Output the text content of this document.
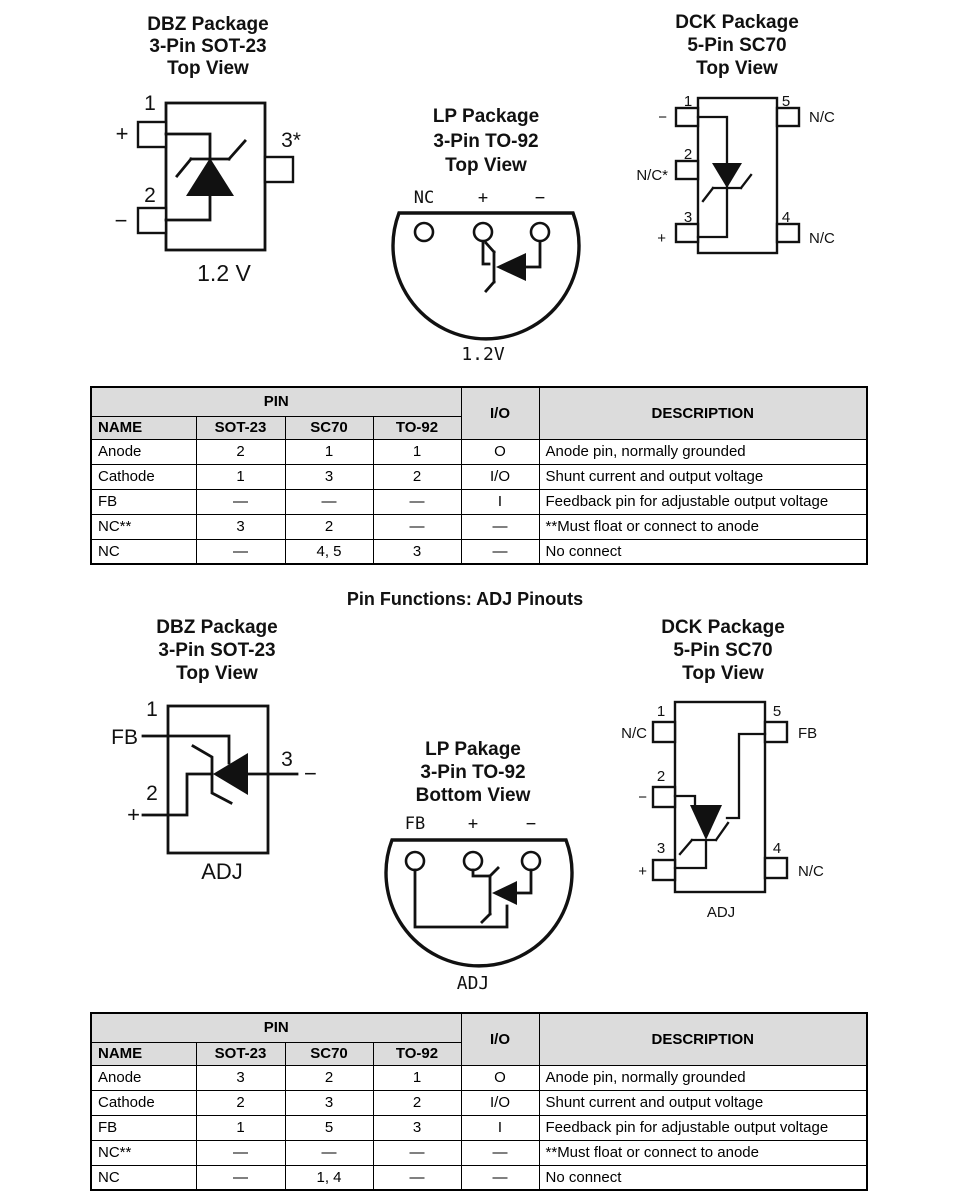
DBZ Package
3-Pin SOT-23
Top View
1
2
+
−
3*
1.2 V
LP Package
3-Pin TO-92
Top View
NC	+	−
1.2V
DCK Package
5-Pin SC70
Top View
1
2
3
5
4
−
N/C*
+
N/C
N/C
Pin Functions: ADJ Pinouts
DBZ Package
3-Pin SOT-23
Top View
1
FB
2
+
3
−
ADJ
LP Pakage
3-Pin TO-92
Bottom View
FB	+	−
ADJ
DCK Package
5-Pin SC70
Top View
1
2
3
5
4
N/C
−
+
FB
N/C
ADJ
PIN				I/O	DESCRIPTION
NAME	SOT-23	SC70	TO-92		
Anode	2	1	1	O	Anode pin, normally grounded
Cathode	1	3	2	I/O	Shunt current and output voltage
FB	—	—	—	I	Feedback pin for adjustable output voltage
NC**	3	2	—	—	**Must float or connect to anode
NC	—	4, 5	3	—	No connect
PIN				I/O	DESCRIPTION
NAME	SOT-23	SC70	TO-92		
Anode	3	2	1	O	Anode pin, normally grounded
Cathode	2	3	2	I/O	Shunt current and output voltage
FB	1	5	3	I	Feedback pin for adjustable output voltage
NC**	—	—	—	—	**Must float or connect to anode
NC	—	1, 4	—	—	No connect
